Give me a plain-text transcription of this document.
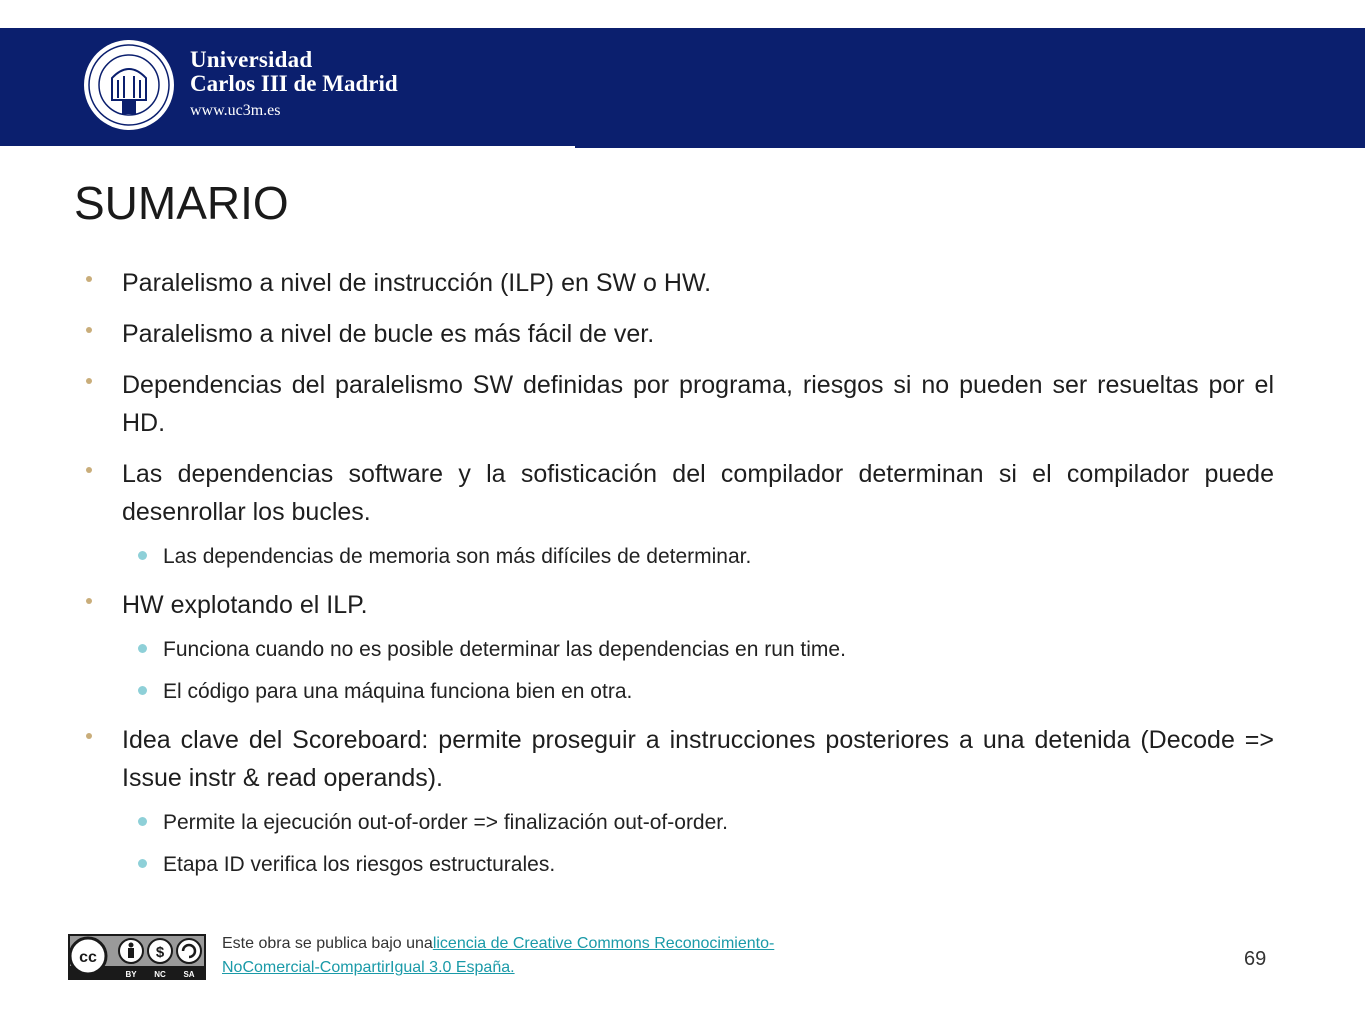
Universidad
Carlos III de Madrid
www.uc3m.es
SUMARIO
Paralelismo a nivel de instrucción (ILP) en SW o HW.
Paralelismo a nivel de bucle es más fácil de ver.
Dependencias del paralelismo SW definidas por programa, riesgos si no pueden ser resueltas por el HD.
Las dependencias software y la sofisticación del compilador determinan si el compilador puede desenrollar los bucles.
Las dependencias de memoria son más difíciles de determinar.
HW explotando el ILP.
Funciona cuando no es posible determinar las dependencias en run time.
El código para una máquina funciona bien en otra.
Idea clave del Scoreboard: permite proseguir a instrucciones posteriores a una detenida (Decode => Issue instr & read operands).
Permite la ejecución out-of-order => finalización out-of-order.
Etapa ID verifica los riesgos estructurales.
cc	$
BY NC SA
Este obra se publica bajo unalicencia de Creative Commons Reconocimiento-
NoComercial-CompartirIgual 3.0 España.	69
